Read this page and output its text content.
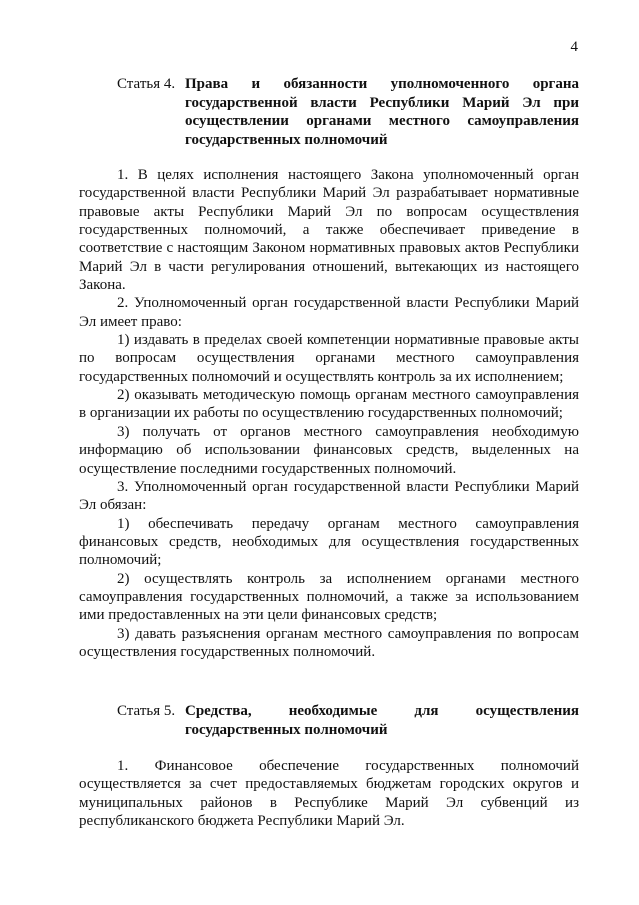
4
Статья 4. Права и обязанности уполномоченного органа государственной власти Республики Марий Эл при осуществлении органами местного самоуправления государственных полномочий

1. В целях исполнения настоящего Закона уполномоченный орган государственной власти Республики Марий Эл разрабатывает нормативные правовые акты Республики Марий Эл по вопросам осуществления государственных полномочий, а также обеспечивает приведение в соответствие с настоящим Законом нормативных правовых актов Республики Марий Эл в части регулирования отношений, вытекающих из настоящего Закона.

2. Уполномоченный орган государственной власти Республики Марий Эл имеет право:

1) издавать в пределах своей компетенции нормативные правовые акты по вопросам осуществления органами местного самоуправления государственных полномочий и осуществлять контроль за их исполнением;

2) оказывать методическую помощь органам местного самоуправления в организации их работы по осуществлению государственных полномочий;

3) получать от органов местного самоуправления необходимую информацию об использовании финансовых средств, выделенных на осуществление последними государственных полномочий.

3. Уполномоченный орган государственной власти Республики Марий Эл обязан:

1) обеспечивать передачу органам местного самоуправления финансовых средств, необходимых для осуществления государственных полномочий;

2) осуществлять контроль за исполнением органами местного самоуправления государственных полномочий, а также за использованием ими предоставленных на эти цели финансовых средств;

3) давать разъяснения органам местного самоуправления по вопросам осуществления государственных полномочий.

Статья 5. Средства, необходимые для осуществления государственных полномочий

1. Финансовое обеспечение государственных полномочий осуществляется за счет предоставляемых бюджетам городских округов и муниципальных районов в Республике Марий Эл субвенций из республиканского бюджета Республики Марий Эл.
